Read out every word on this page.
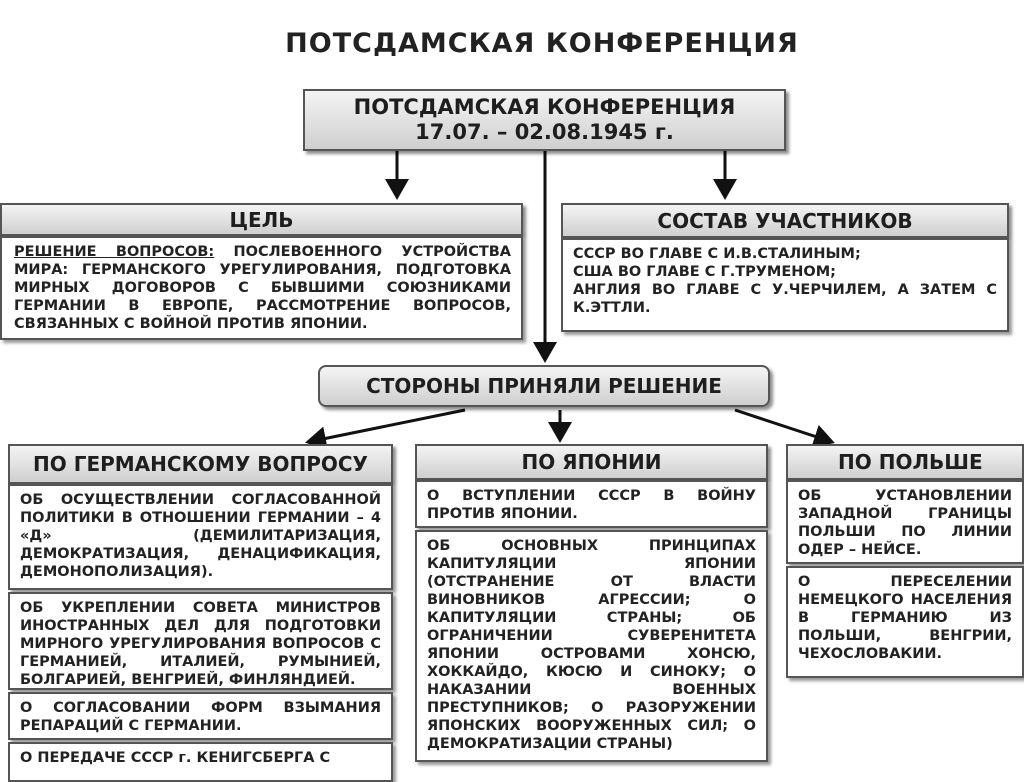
ПОТСДАМСКАЯ КОНФЕРЕНЦИЯ
ПОТСДАМСКАЯ КОНФЕРЕНЦИЯ
17.07. – 02.08.1945 г.
ЦЕЛЬ
РЕШЕНИЕ ВОПРОСОВ: ПОСЛЕВОЕННОГО УСТРОЙСТВА МИРА: ГЕРМАНСКОГО УРЕГУЛИРОВАНИЯ, ПОДГОТОВКА МИРНЫХ ДОГОВОРОВ С БЫВШИМИ СОЮЗНИКАМИ ГЕРМАНИИ В ЕВРОПЕ, РАССМОТРЕНИЕ ВОПРОСОВ, СВЯЗАННЫХ С ВОЙНОЙ ПРОТИВ ЯПОНИИ.
СОСТАВ УЧАСТНИКОВ
СССР ВО ГЛАВЕ С И.В.СТАЛИНЫМ;
США ВО ГЛАВЕ С Г.ТРУМЕНОМ;
АНГЛИЯ ВО ГЛАВЕ С У.ЧЕРЧИЛЕМ, А ЗАТЕМ С К.ЭТТЛИ.
СТОРОНЫ ПРИНЯЛИ РЕШЕНИЕ
ПО ГЕРМАНСКОМУ ВОПРОСУ
ОБ ОСУЩЕСТВЛЕНИИ СОГЛАСОВАННОЙ ПОЛИТИКИ В ОТНОШЕНИИ ГЕРМАНИИ – 4 «Д» (ДЕМИЛИТАРИЗАЦИЯ, ДЕМОКРАТИЗАЦИЯ, ДЕНАЦИФИКАЦИЯ, ДЕМОНОПОЛИЗАЦИЯ).
ОБ УКРЕПЛЕНИИ СОВЕТА МИНИСТРОВ ИНОСТРАННЫХ ДЕЛ ДЛЯ ПОДГОТОВКИ МИРНОГО УРЕГУЛИРОВАНИЯ ВОПРОСОВ С ГЕРМАНИЕЙ, ИТАЛИЕЙ, РУМЫНИЕЙ, БОЛГАРИЕЙ, ВЕНГРИЕЙ, ФИНЛЯНДИЕЙ.
О СОГЛАСОВАНИИ ФОРМ ВЗЫМАНИЯ РЕПАРАЦИЙ С ГЕРМАНИИ.
О ПЕРЕДАЧЕ СССР г. КЕНИГСБЕРГА С
ПО ЯПОНИИ
О ВСТУПЛЕНИИ СССР В ВОЙНУ ПРОТИВ ЯПОНИИ.
ОБ ОСНОВНЫХ ПРИНЦИПАХ КАПИТУЛЯЦИИ ЯПОНИИ (ОТСТРАНЕНИЕ ОТ ВЛАСТИ ВИНОВНИКОВ АГРЕССИИ; О КАПИТУЛЯЦИИ СТРАНЫ; ОБ ОГРАНИЧЕНИИ СУВЕРЕНИТЕТА ЯПОНИИ ОСТРОВАМИ ХОНСЮ, ХОККАЙДО, КЮСЮ И СИНОКУ; О НАКАЗАНИИ ВОЕННЫХ ПРЕСТУПНИКОВ; О РАЗОРУЖЕНИИ ЯПОНСКИХ ВООРУЖЕННЫХ СИЛ; О ДЕМОКРАТИЗАЦИИ СТРАНЫ)
ПО ПОЛЬШЕ
ОБ УСТАНОВЛЕНИИ ЗАПАДНОЙ ГРАНИЦЫ ПОЛЬШИ ПО ЛИНИИ ОДЕР – НЕЙСЕ.
О ПЕРЕСЕЛЕНИИ НЕМЕЦКОГО НАСЕЛЕНИЯ В ГЕРМАНИЮ ИЗ ПОЛЬШИ, ВЕНГРИИ, ЧЕХОСЛОВАКИИ.
